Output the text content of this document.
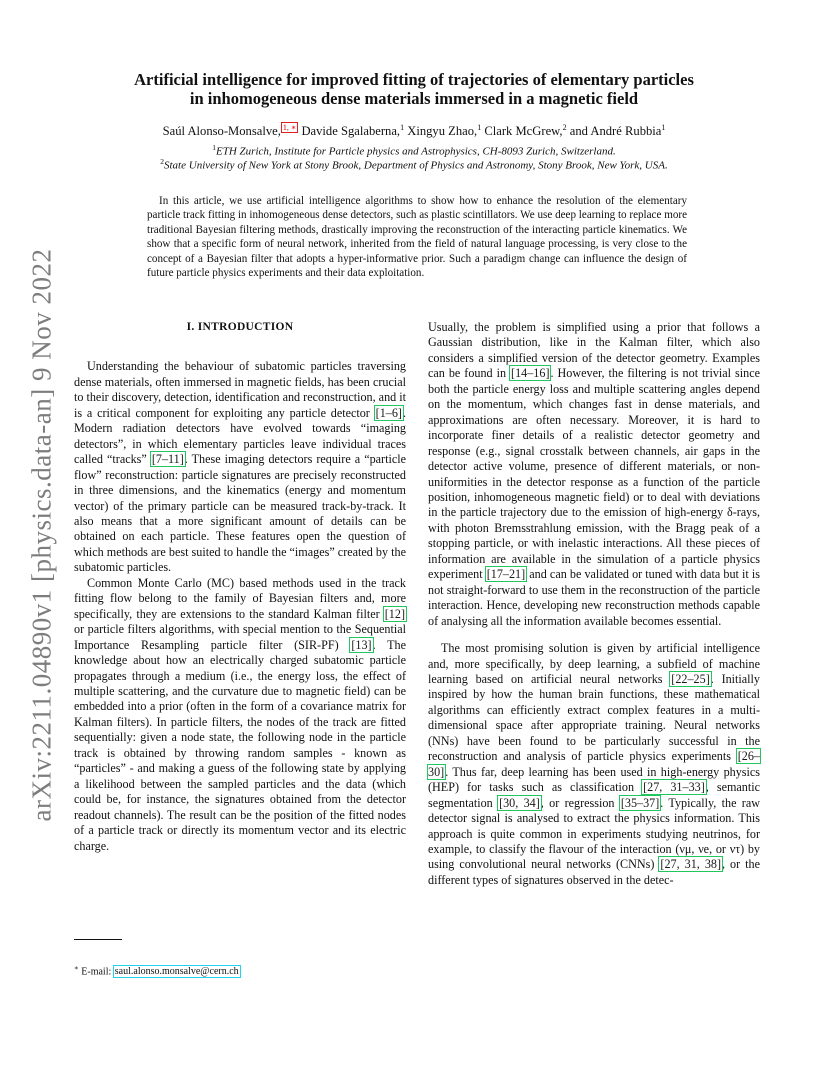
arXiv:2211.04890v1 [physics.data-an] 9 Nov 2022
Artificial intelligence for improved fitting of trajectories of elementary particles
in inhomogeneous dense materials immersed in a magnetic field
Saúl Alonso-Monsalve, $^{1, ∗}$ Davide Sgalaberna,$^1$ Xingyu Zhao,$^1$ Clark McGrew,$^2$ and André Rubbia$^1$
$^1$ETH Zurich, Institute for Particle physics and Astrophysics, CH-8093 Zurich, Switzerland.
$^2$State University of New York at Stony Brook, Department of Physics and Astronomy, Stony Brook, New York, USA.
In this article, we use artificial intelligence algorithms to show how to enhance the resolution of the elementary particle track fitting in inhomogeneous dense detectors, such as plastic scintillators. We use deep learning to replace more traditional Bayesian filtering methods, drastically improving the reconstruction of the interacting particle kinematics. We show that a specific form of neural network, inherited from the field of natural language processing, is very close to the concept of a Bayesian filter that adopts a hyper-informative prior. Such a paradigm change can influence the design of future particle physics experiments and their data exploitation.
I. INTRODUCTION

Understanding the behaviour of subatomic particles traversing dense materials, often immersed in magnetic fields, has been crucial to their discovery, detection, identification and reconstruction, and it is a critical component for exploiting any particle detector [1–6]. Modern radiation detectors have evolved towards “imaging detectors”, in which elementary particles leave individual traces called “tracks” [7–11]. These imaging detectors require a “particle flow” reconstruction: particle signatures are precisely reconstructed in three dimensions, and the kinematics (energy and momentum vector) of the primary particle can be measured track-by-track. It also means that a more significant amount of details can be obtained on each particle. These features open the question of which methods are best suited to handle the “images” created by the subatomic particles.

Common Monte Carlo (MC) based methods used in the track fitting flow belong to the family of Bayesian filters and, more specifically, they are extensions to the standard Kalman filter [12] or particle filters algorithms, with special mention to the Sequential Importance Resampling particle filter (SIR-PF) [13]. The knowledge about how an electrically charged subatomic particle propagates through a medium (i.e., the energy loss, the effect of multiple scattering, and the curvature due to magnetic field) can be embedded into a prior (often in the form of a covariance matrix for Kalman filters). In particle filters, the nodes of the track are fitted sequentially: given a node state, the following node in the particle track is obtained by throwing random samples - known as “particles” - and making a guess of the following state by applying a likelihood between the sampled particles and the data (which could be, for instance, the signatures obtained from the detector readout channels). The result can be the position of the fitted nodes of a particle track or directly its momentum vector and its electric charge.

Usually, the problem is simplified using a prior that follows a Gaussian distribution, like in the Kalman filter, which also considers a simplified version of the detector geometry. Examples can be found in [14–16]. However, the filtering is not trivial since both the particle energy loss and multiple scattering angles depend on the momentum, which changes fast in dense materials, and approximations are often necessary. Moreover, it is hard to incorporate finer details of a realistic detector geometry and response (e.g., signal crosstalk between channels, air gaps in the detector active volume, presence of different materials, or non-uniformities in the detector response as a function of the particle position, inhomogeneous magnetic field) or to deal with deviations in the particle trajectory due to the emission of high-energy δ-rays, with photon Bremsstrahlung emission, with the Bragg peak of a stopping particle, or with inelastic interactions. All these pieces of information are available in the simulation of a particle physics experiment [17–21] and can be validated or tuned with data but it is not straight-forward to use them in the reconstruction of the particle interaction. Hence, developing new reconstruction methods capable of analysing all the information available becomes essential.

The most promising solution is given by artificial intelligence and, more specifically, by deep learning, a subfield of machine learning based on artificial neural networks [22–25]. Initially inspired by how the human brain functions, these mathematical algorithms can efficiently extract complex features in a multi-dimensional space after appropriate training. Neural networks (NNs) have been found to be particularly successful in the reconstruction and analysis of particle physics experiments [26–30]. Thus far, deep learning has been used in high-energy physics (HEP) for tasks such as classification [27, 31–33], semantic segmentation [30, 34], or regression [35–37]. Typically, the raw detector signal is analysed to extract the physics information. This approach is quite common in experiments studying neutrinos, for example, to classify the flavour of the interaction (νμ, νe, or ντ) by using convolutional neural networks (CNNs) [27, 31, 38], or the different types of signatures observed in the detec-

∗ E-mail: saul.alonso.monsalve@cern.ch
